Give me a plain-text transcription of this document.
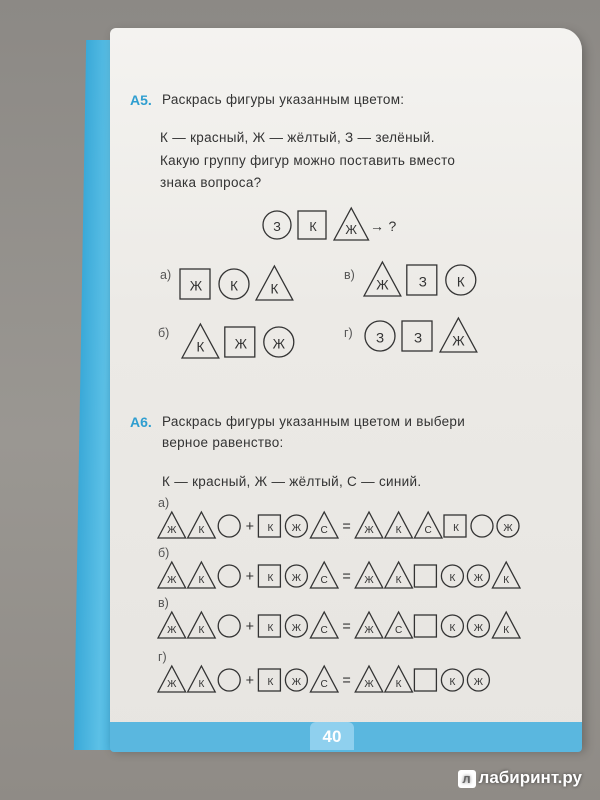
А5. Раскрась фигуры указанным цветом:
К — красный, Ж — жёлтый, З — зелёный.
Какую группу фигур можно поставить вместо
знака вопроса?
З К Ж → ?
а)
Ж К К
б)
К Ж Ж
в)
Ж З К
г) З З Ж
А6. Раскрась фигуры указанным цветом и выбери
верное равенство:
К — красный, Ж — жёлтый, С — синий.
а)
Ж К	+ К Ж С = Ж К С К	Ж
б)
Ж К	+ К Ж С = Ж К	К Ж К
в)
Ж К	+ К Ж С = Ж С	К Ж К
г)
Ж К	+ К Ж С = Ж К	К Ж
40
л лабиринт.ру
